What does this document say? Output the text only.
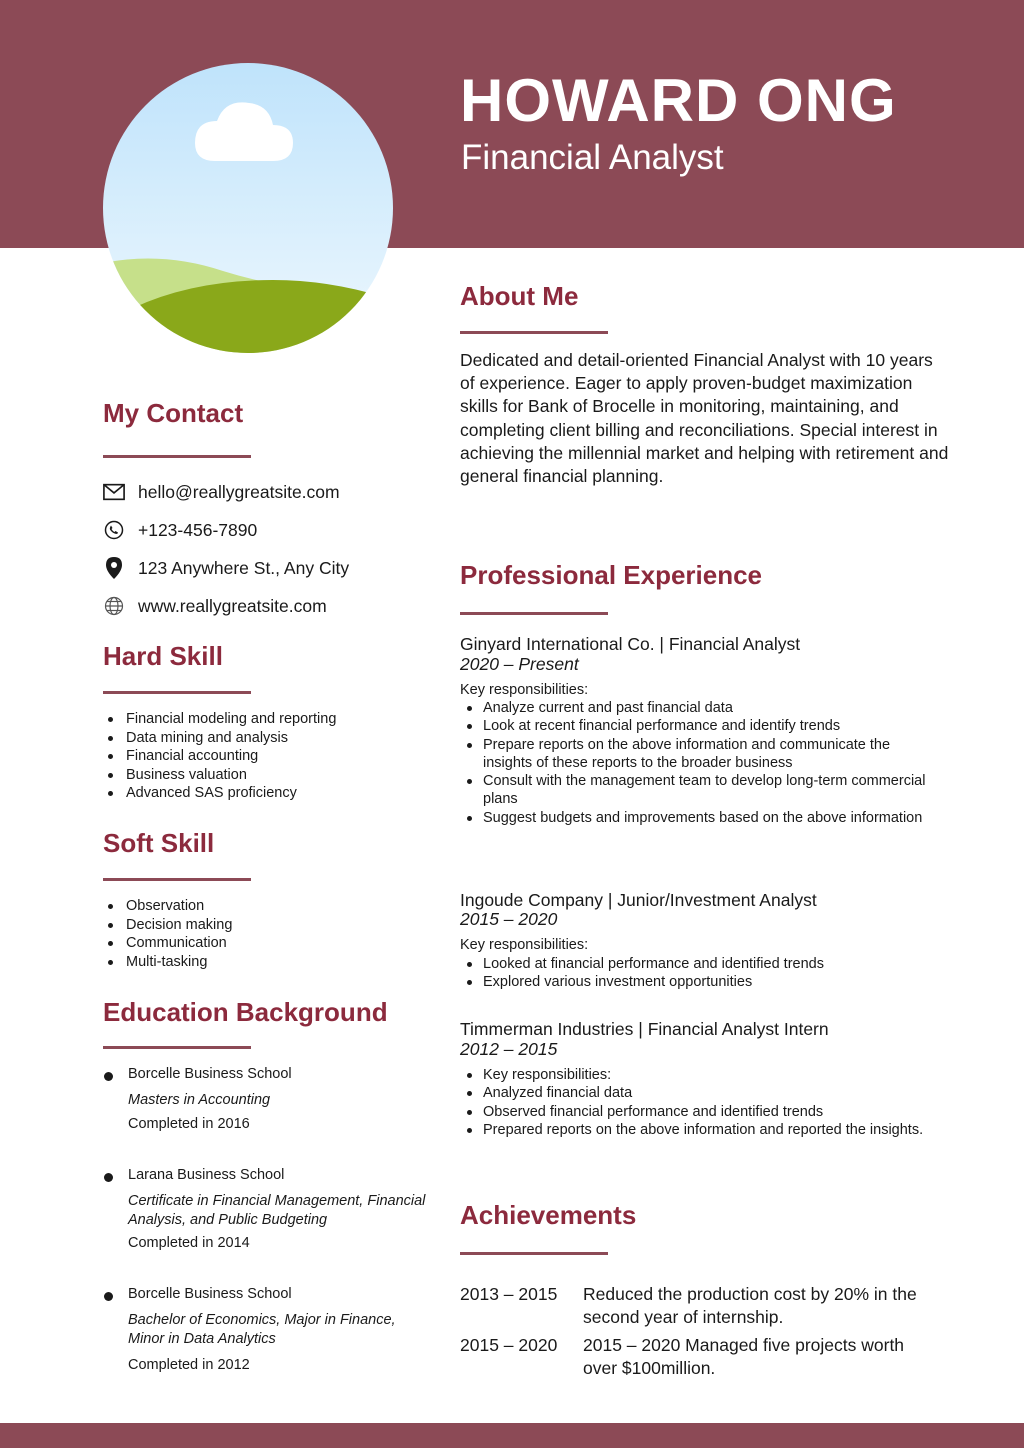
HOWARD ONG
Financial Analyst
My Contact
hello@reallygreatsite.com
+123-456-7890
123 Anywhere St., Any City
www.reallygreatsite.com
Hard Skill
Financial modeling and reporting
Data mining and analysis
Financial accounting
Business valuation
Advanced SAS proficiency
Soft Skill
Observation
Decision making
Communication
Multi-tasking
Education Background
Borcelle Business School
Masters in Accounting
Completed in 2016
Larana Business School
Certificate in Financial Management, Financial Analysis, and Public Budgeting
Completed in 2014
Borcelle Business School
Bachelor of Economics, Major in Finance, Minor in Data Analytics
Completed in 2012
About Me
Dedicated and detail-oriented Financial Analyst with 10 years of experience. Eager to apply proven-budget maximization skills for Bank of Brocelle in monitoring, maintaining, and completing client billing and reconciliations. Special interest in achieving the millennial market and helping with retirement and general financial planning.
Professional Experience
Ginyard International Co. | Financial Analyst
2020 – Present
Key responsibilities:
Analyze current and past financial data
Look at recent financial performance and identify trends
Prepare reports on the above information and communicate the insights of these reports to the broader business
Consult with the management team to develop long-term commercial plans
Suggest budgets and improvements based on the above information
Ingoude Company | Junior/Investment Analyst
2015 – 2020
Key responsibilities:
Looked at financial performance and identified trends
Explored various investment opportunities
Timmerman Industries | Financial Analyst Intern
2012 – 2015
Key responsibilities:
Analyzed financial data
Observed financial performance and identified trends
Prepared reports on the above information and reported the insights.
Achievements
2013 – 2015 Reduced the production cost by 20% in the second year of internship.
2015 – 2020 2015 – 2020 Managed five projects worth over $100million.
